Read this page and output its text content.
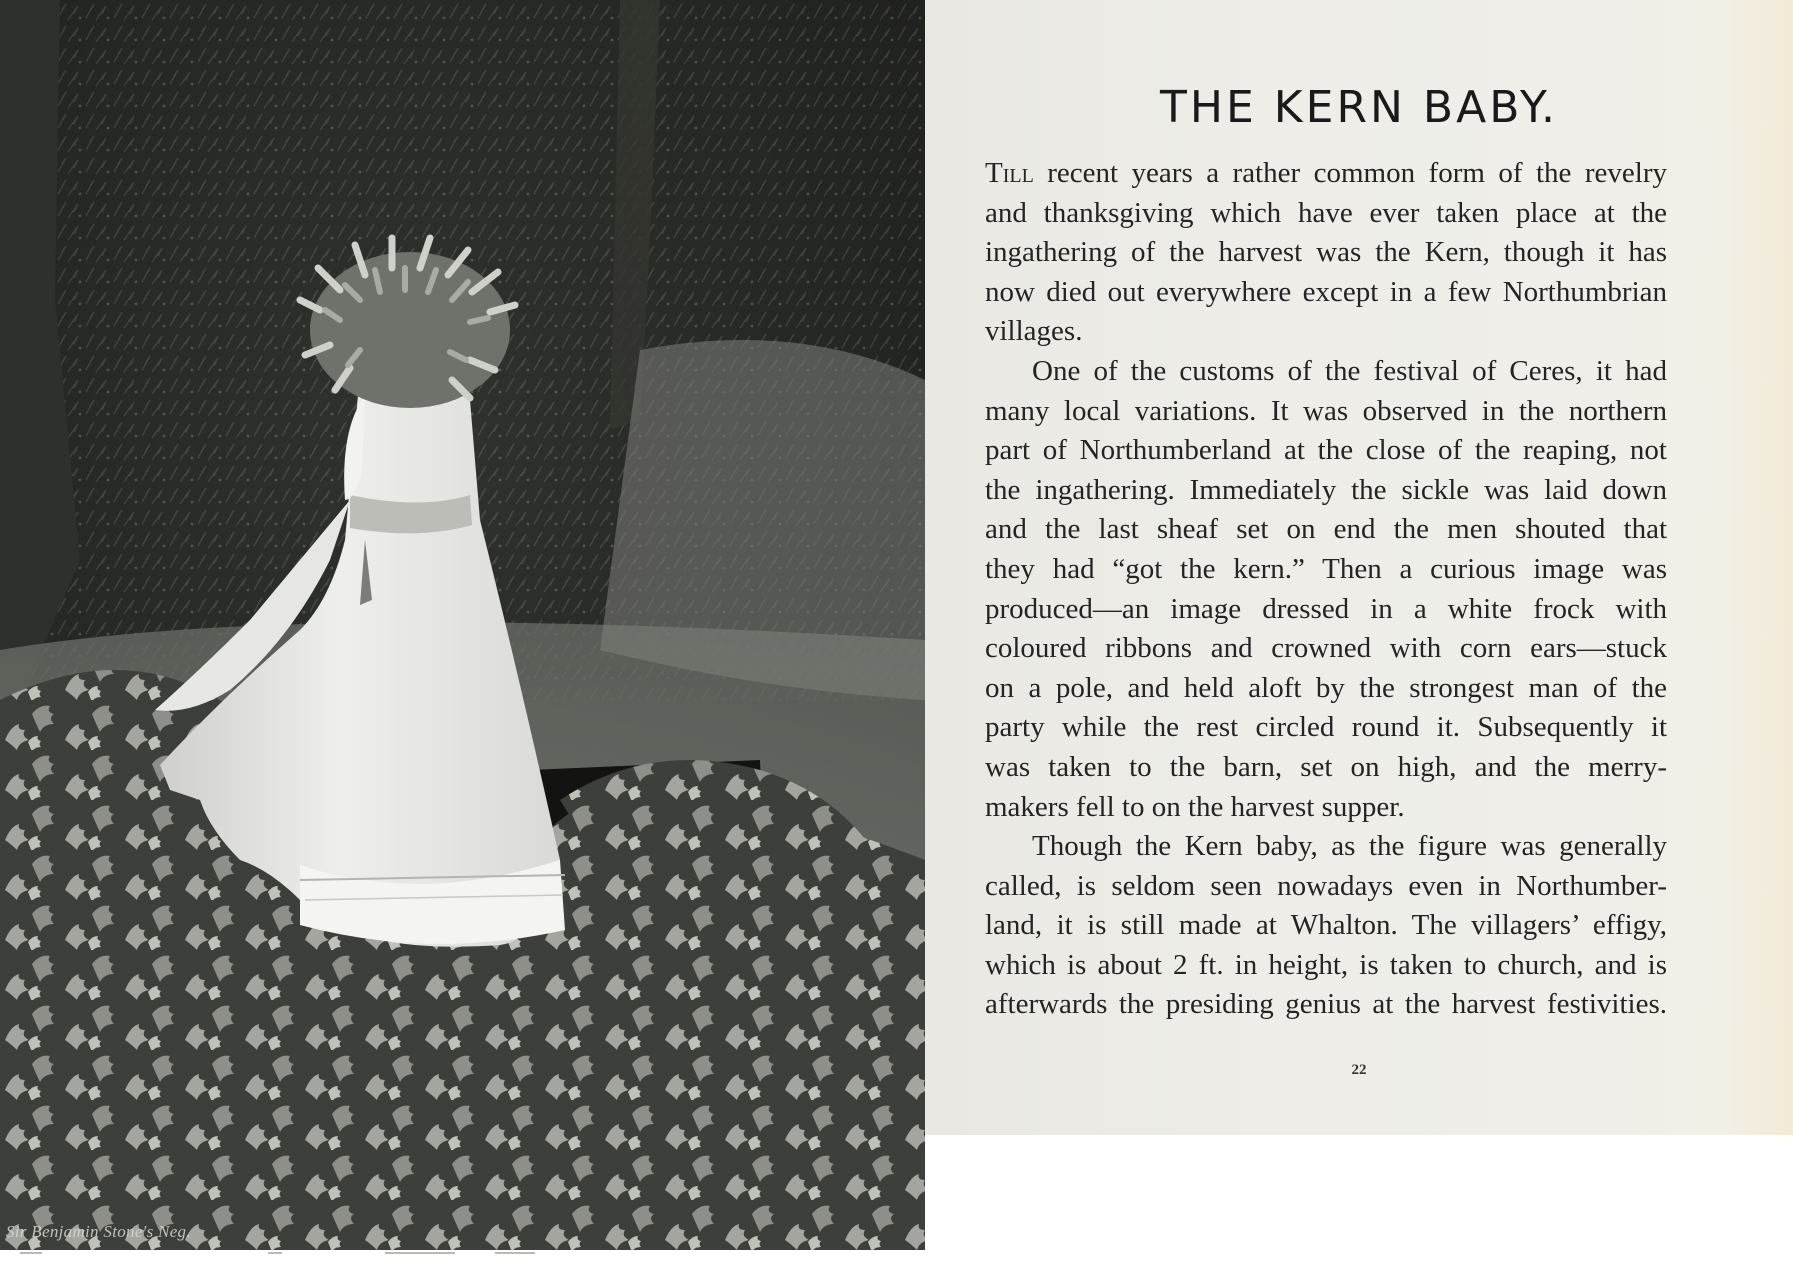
Sir Benjamin Stone's Neg.
THE KERN BABY.
Till recent years a rather common form of the revelry
and thanksgiving which have ever taken place at the
ingathering of the harvest was the Kern, though it has
now died out everywhere except in a few Northumbrian
villages.
One of the customs of the festival of Ceres, it had
many local variations. It was observed in the northern
part of Northumberland at the close of the reaping, not
the ingathering. Immediately the sickle was laid down
and the last sheaf set on end the men shouted that
they had “got the kern.” Then a curious image was
produced—an image dressed in a white frock with
coloured ribbons and crowned with corn ears—stuck
on a pole, and held aloft by the strongest man of the
party while the rest circled round it. Subsequently it
was taken to the barn, set on high, and the merry-
makers fell to on the harvest supper.
Though the Kern baby, as the figure was generally
called, is seldom seen nowadays even in Northumber-
land, it is still made at Whalton. The villagers’ effigy,
which is about 2 ft. in height, is taken to church, and is
afterwards the presiding genius at the harvest festivities.
22
